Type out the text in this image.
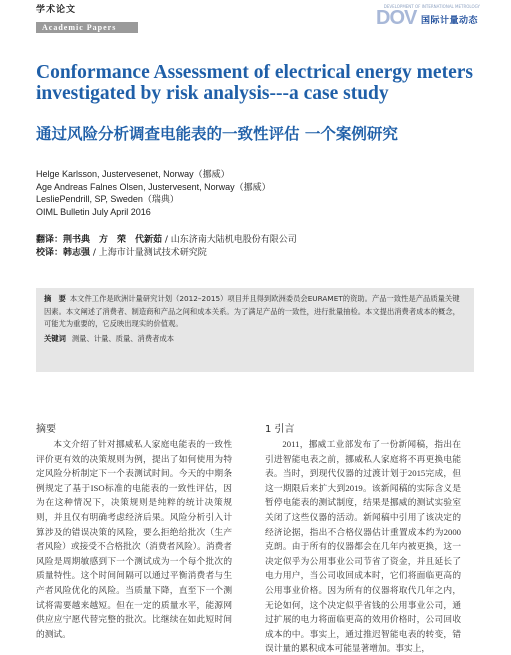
学术论文
Academic Papers
DEVELOPMENT OF INTERNATIONAL METROLOGY
DOV 国际计量动态
Conformance Assessment of electrical energy meters investigated by risk analysis---a case study
通过风险分析调查电能表的一致性评估 一个案例研究
Helge Karlsson, Justervesenet, Norway（挪威）
Age Andreas Falnes Olsen, Justervesent, Norway（挪威）
LesliePendrill, SP, Sweden（瑞典）
OIML Bulletin July April 2016
翻译：荆书典　方　荣　代新茹 / 山东济南大陆机电股份有限公司
校译：韩志强 / 上海市计量测试技术研究院
摘　要 本文件工作是欧洲计量研究计划（2012–2015）项目并且得到欧洲委员会EURAMET的资助。产品一致性是产品质量关键因素。本文阐述了消费者、制造商和产品之间和成本关系。为了满足产品的一致性，进行批量抽检。本文提出消费者成本的概念，可能尤为重要的，它反映出现实的价值观。
关键词 测量、计量、质量、消费者成本
摘要
本文介绍了针对挪威私人家庭电能表的一致性评价更有效的决策规则为例，提出了如何使用为特定风险分析制定下一个表测试时间。今天的中期条例规定了基于ISO标准的电能表的一致性评估，因为在这种情况下，决策规则是纯粹的统计决策规则，并且仅有明确考虑经济后果。风险分析引入计算涉及的错误决策的风险，要么拒绝给批次（生产者风险）或接受不合格批次（消费者风险）。消费者风险是周期敏感到下一个测试成为一个每个批次的质量特性。这个时间间隔可以通过平衡消费者与生产者风险优化的风险。当质量下降，直至下一个测试将需要越来越短。但在一定的质量水平，能源网供应应宁愿代替完整的批次。比继续在如此短时间的测试。
1 引言
2011，挪威工业部发布了一份新闻稿，指出在引进智能电表之前，挪威私人家庭将不再更换电能表。当时，到现代仪器的过渡计划于2015完成，但这一期限后来扩大到2019。该新闻稿的实际含义是暂停电能表的测试制度，结果是挪威的测试实验室关闭了这些仪器的活动。新闻稿中引用了该决定的经济论据，指出不合格仪器估计重置成本约为2000克朗。由于所有的仪器都会在几年内被更换，这一决定似乎为公用事业公司节省了资金，并且延长了电力用户，当公司收回成本时，它们将面临更高的公用事业价格。因为所有的仪器将取代几年之内，无论如何，这个决定似乎省钱的公用事业公司，通过扩展的电力将面临更高的效用价格时，公司回收成本的中。事实上，通过推迟智能电表的转变，错误计量的累积成本可能显著增加。事实上，
